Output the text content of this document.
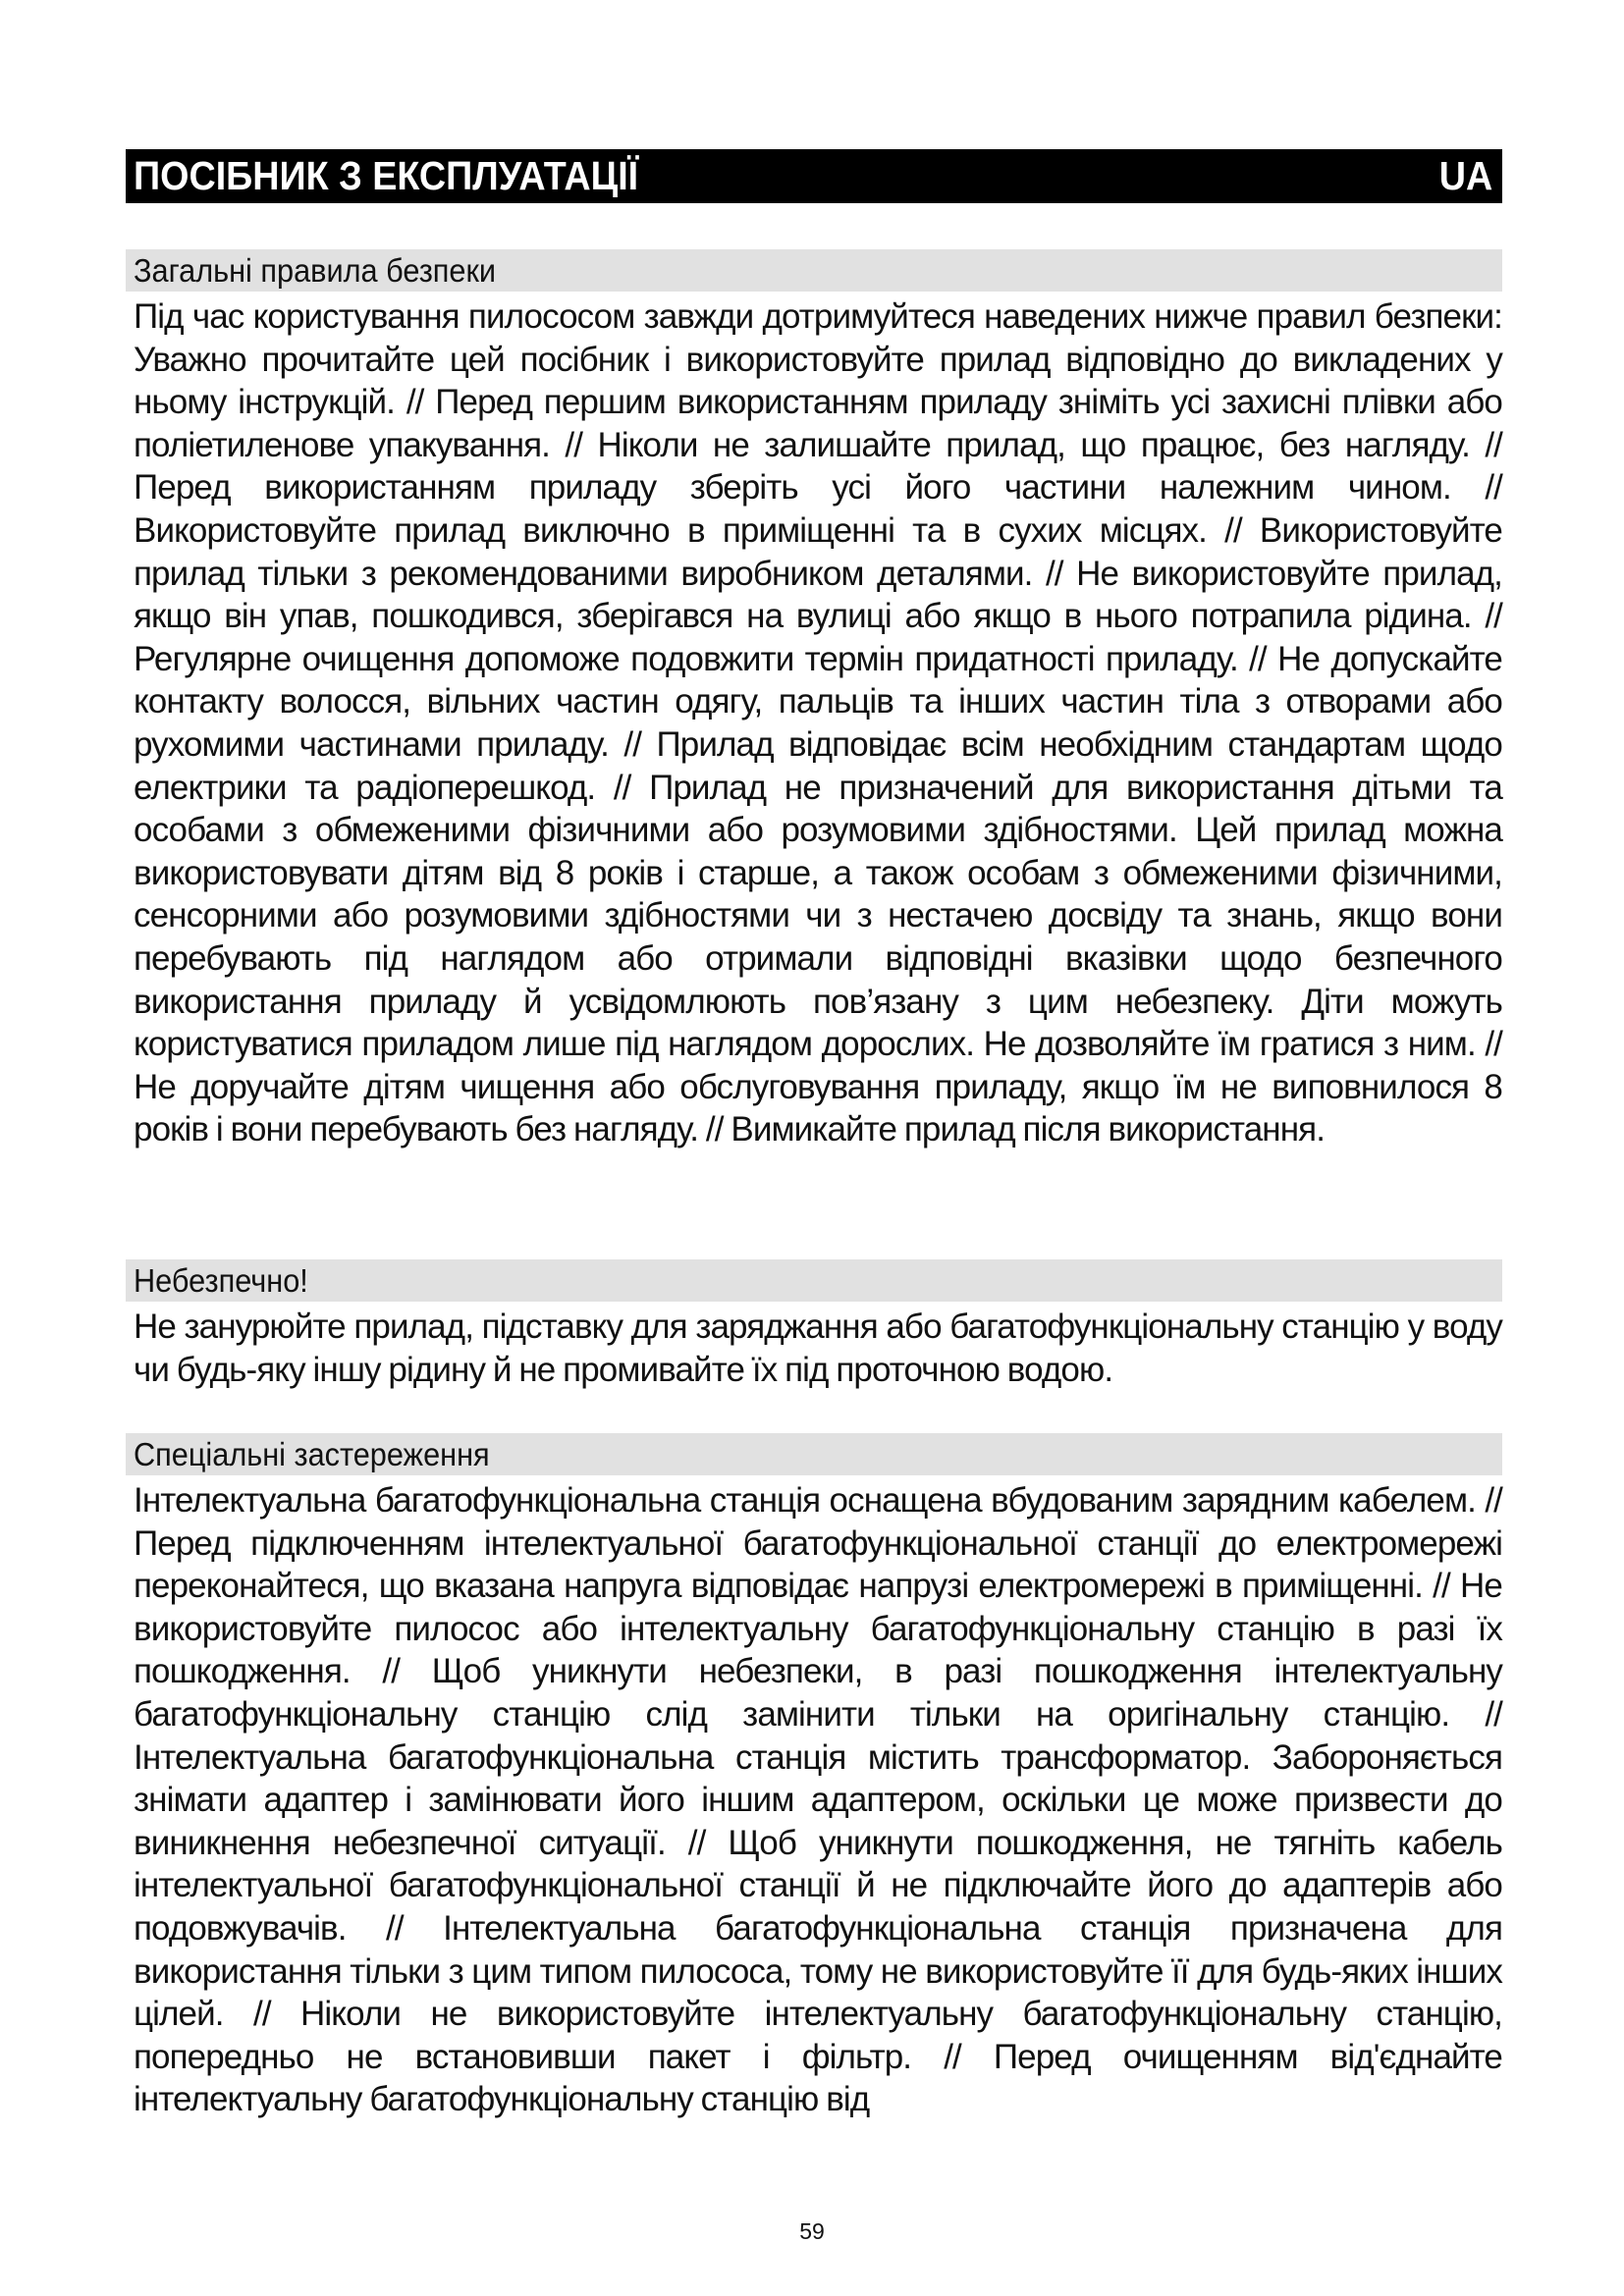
ПОСІБНИК З ЕКСПЛУАТАЦІЇ	UA
Загальні правила безпеки

Під час користування пилососом завжди дотримуйтеся наведених нижче правил безпеки: Уважно прочитайте цей посібник і використовуйте прилад відповідно до викладених у ньому інструкцій. // Перед першим використанням приладу зніміть усі захисні плівки або поліетиленове упакування. // Ніколи не залишайте прилад, що працює, без нагляду. // Перед використанням приладу зберіть усі його частини належним чином. // Використовуйте прилад виключно в приміщенні та в сухих місцях. // Використовуйте прилад тільки з рекомендованими виробником деталями. // Не використовуйте прилад, якщо він упав, пошкодився, зберігався на вулиці або якщо в нього потрапила рідина. // Регулярне очищення допоможе подовжити термін придатності приладу. // Не допускайте контакту волосся, вільних частин одягу, пальців та інших частин тіла з отворами або рухомими частинами приладу. // Прилад відповідає всім необхідним стандартам щодо електрики та радіоперешкод. // Прилад не призначений для використання дітьми та особами з обмеженими фізичними або розумовими здібностями. Цей прилад можна використовувати дітям від 8 років і старше, а також особам з обмеженими фізичними, сенсорними або розумовими здібностями чи з нестачею досвіду та знань, якщо вони перебувають під наглядом або отримали відповідні вказівки щодо безпечного використання приладу й усвідомлюють пов’язану з цим небезпеку. Діти можуть користуватися приладом лише під наглядом дорослих. Не дозволяйте їм гратися з ним. // Не доручайте дітям чищення або обслуговування приладу, якщо їм не виповнилося 8 років і вони перебувають без нагляду. // Вимикайте прилад після використання.

Небезпечно!

Не занурюйте прилад, підставку для заряджання або багатофункціональну станцію у воду чи будь-яку іншу рідину й не промивайте їх під проточною водою.

Спеціальні застереження

Інтелектуальна багатофункціональна станція оснащена вбудованим зарядним кабелем. // Перед підключенням інтелектуальної багатофункціональної станції до електромережі переконайтеся, що вказана напруга відповідає напрузі електромережі в приміщенні. // Не використовуйте пилосос або інтелектуальну багатофункціональну станцію в разі їх пошкодження. // Щоб уникнути небезпеки, в разі пошкодження інтелектуальну багатофункціональну станцію слід замінити тільки на оригінальну станцію. // Інтелектуальна багатофункціональна станція містить трансформатор. Забороняється знімати адаптер і замінювати його іншим адаптером, оскільки це може призвести до виникнення небезпечної ситуації. // Щоб уникнути пошкодження, не тягніть кабель інтелектуальної багатофункціональної станції й не підключайте його до адаптерів або подовжувачів. // Інтелектуальна багатофункціональна станція призначена для використання тільки з цим типом пилососа, тому не використовуйте її для будь-яких інших цілей. // Ніколи не використовуйте інтелектуальну багатофункціональну станцію, попередньо не встановивши пакет і фільтр. // Перед очищенням від'єднайте інтелектуальну багатофункціональну станцію від

59
